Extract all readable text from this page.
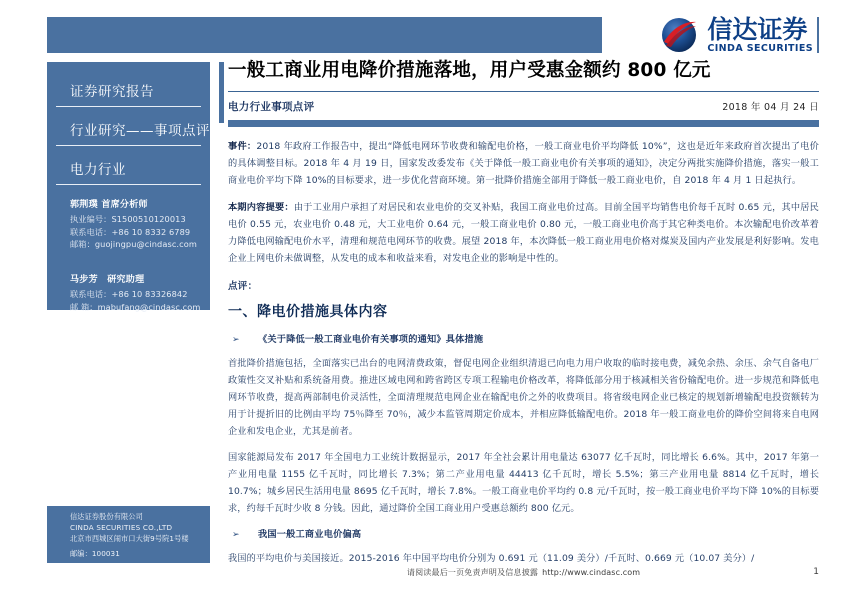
信达证券
CINDA SECURITIES
证券研究报告
行业研究——事项点评
电力行业
郭荆璞 首席分析师
执业编号：S1500510120013
联系电话：+86 10 8332 6789
邮箱：guojingpu@cindasc.com
马步芳　研究助理
联系电话：+86 10 83326842
邮 箱：mabufang@cindasc.com
信达证券股份有限公司
CINDA SECURITIES CO.,LTD
北京市西城区闹市口大街9号院1号楼
邮编：100031
一般工商业用电降价措施落地，用户受惠金额约 800 亿元
电力行业事项点评	2018 年 04 月 24 日

事件：2018 年政府工作报告中，提出“降低电网环节收费和输配电价格，一般工商业电价平均降低 10%”，这也是近年来政府首次提出了电价的具体调整目标。2018 年 4 月 19 日，国家发改委发布《关于降低一般工商业电价有关事项的通知》，决定分两批实施降价措施，落实一般工商业电价平均下降 10%的目标要求，进一步优化营商环境。第一批降价措施全部用于降低一般工商业电价，自 2018 年 4 月 1 日起执行。

本期内容提要：由于工业用户承担了对居民和农业电价的交叉补贴，我国工商业电价过高。目前全国平均销售电价每千瓦时 0.65 元，其中居民电价 0.55 元，农业电价 0.48 元，大工业电价 0.64 元，一般工商业电价 0.80 元，一般工商业电价高于其它种类电价。本次输配电价改革着力降低电网输配电价水平，清理和规范电网环节的收费。展望 2018 年，本次降低一般工商业用电价格对煤炭及国内产业发展是利好影响。发电企业上网电价未做调整，从发电的成本和收益来看，对发电企业的影响是中性的。

点评：
一、降电价措施具体内容
➢	《关于降低一般工商业电价有关事项的通知》具体措施

首批降价措施包括，全面落实已出台的电网清费政策，督促电网企业组织清退已向电力用户收取的临时接电费，减免余热、余压、余气自备电厂政策性交叉补贴和系统备用费。推进区域电网和跨省跨区专项工程输电价格改革，将降低部分用于核减相关省份输配电价。进一步规范和降低电网环节收费，提高两部制电价灵活性，全面清理规范电网企业在输配电价之外的收费项目。将省级电网企业已核定的规划新增输配电投资额转为用于计提折旧的比例由平均 75％降至 70％，减少本监管周期定价成本，并相应降低输配电价。2018 年一般工商业电价的降价空间将来自电网企业和发电企业，尤其是前者。

国家能源局发布 2017 年全国电力工业统计数据显示，2017 年全社会累计用电量达 63077 亿千瓦时，同比增长 6.6%。其中，2017 年第一产业用电量 1155 亿千瓦时，同比增长 7.3%；第二产业用电量 44413 亿千瓦时，增长 5.5%；第三产业用电量 8814 亿千瓦时，增长 10.7%；城乡居民生活用电量 8695 亿千瓦时，增长 7.8%。一般工商业电价平均约 0.8 元/千瓦时，按一般工商业电价平均下降 10%的目标要求，约每千瓦时少收 8 分钱。因此，通过降价全国工商业用户受惠总额约 800 亿元。

➢	我国一般工商业电价偏高

我国的平均电价与美国接近。2015-2016 年中国平均电价分别为 0.691 元（11.09 美分）/千瓦时、0.669 元（10.07 美分）/

请阅读最后一页免责声明及信息披露 http://www.cindasc.com	1
